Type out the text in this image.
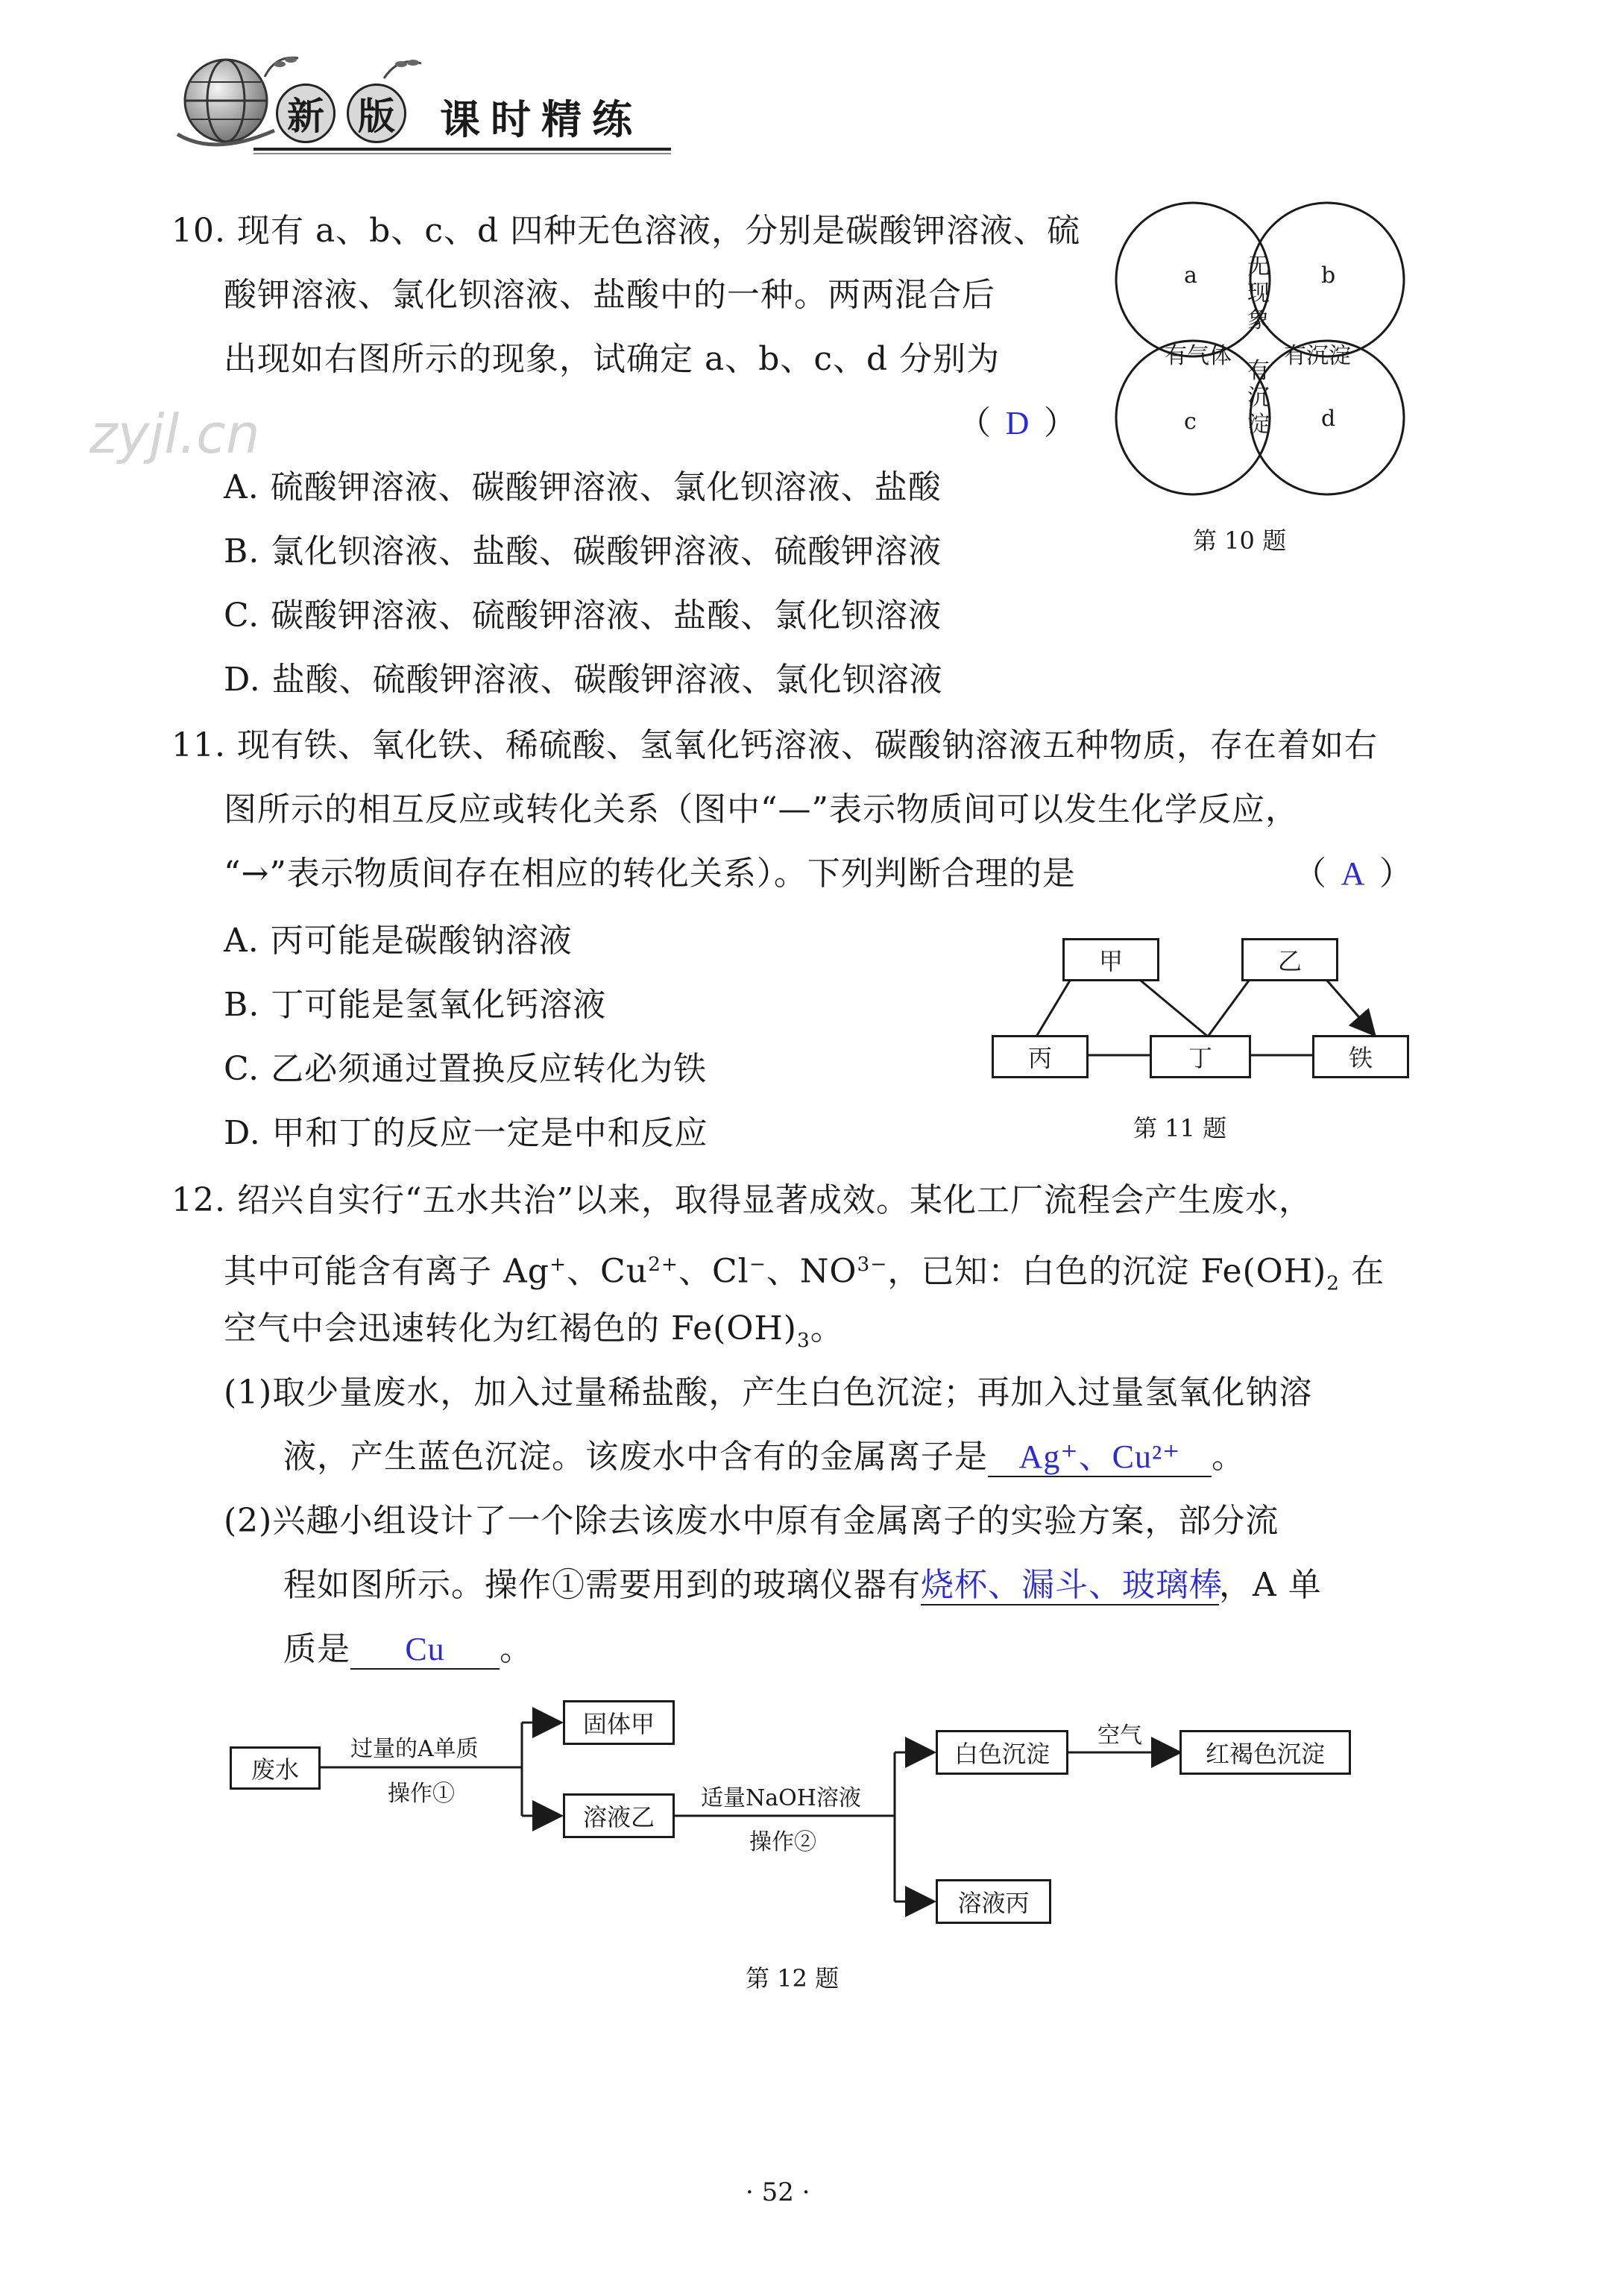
新 版 课时精练
zyjl.cn
10. 现有 a、b、c、d 四种无色溶液，分别是碳酸钾溶液、硫
酸钾溶液、氯化钡溶液、盐酸中的一种。两两混合后
出现如右图所示的现象，试确定 a、b、c、d 分别为
（ D ）
A. 硫酸钾溶液、碳酸钾溶液、氯化钡溶液、盐酸
B. 氯化钡溶液、盐酸、碳酸钾溶液、硫酸钾溶液
C. 碳酸钾溶液、硫酸钾溶液、盐酸、氯化钡溶液
D. 盐酸、硫酸钾溶液、碳酸钾溶液、氯化钡溶液
a	b
c	d
无
现
象
有气体 有沉淀
有
沉
淀
第 10 题
11. 现有铁、氧化铁、稀硫酸、氢氧化钙溶液、碳酸钠溶液五种物质，存在着如右
图所示的相互反应或转化关系（图中“—”表示物质间可以发生化学反应，
“→”表示物质间存在相应的转化关系）。下列判断合理的是	（ A ）
A. 丙可能是碳酸钠溶液
B. 丁可能是氢氧化钙溶液
C. 乙必须通过置换反应转化为铁
D. 甲和丁的反应一定是中和反应
甲	乙
丙	丁	铁
第 11 题
12. 绍兴自实行“五水共治”以来，取得显著成效。某化工厂流程会产生废水，
其中可能含有离子 Ag+、$Cu^{2+}$、Cl−、$NO^{3-}$，已知：白色的沉淀 $Fe(OH)_2$ 在
空气中会迅速转化为红褐色的 $Fe(OH)_3$。
(1)取少量废水，加入过量稀盐酸，产生白色沉淀；再加入过量氢氧化钠溶
液，产生蓝色沉淀。该废水中含有的金属离子是 Ag⁺、Cu²⁺ 。
(2)兴趣小组设计了一个除去该废水中原有金属离子的实验方案，部分流
程如图所示。操作①需要用到的玻璃仪器有烧杯、漏斗、玻璃棒，A 单
质是 Cu 。
废水
过量的A单质
操作①
固体甲
溶液乙
适量NaOH溶液
操作②
白色沉淀
空气
红褐色沉淀
溶液丙
第 12 题
· 52 ·
